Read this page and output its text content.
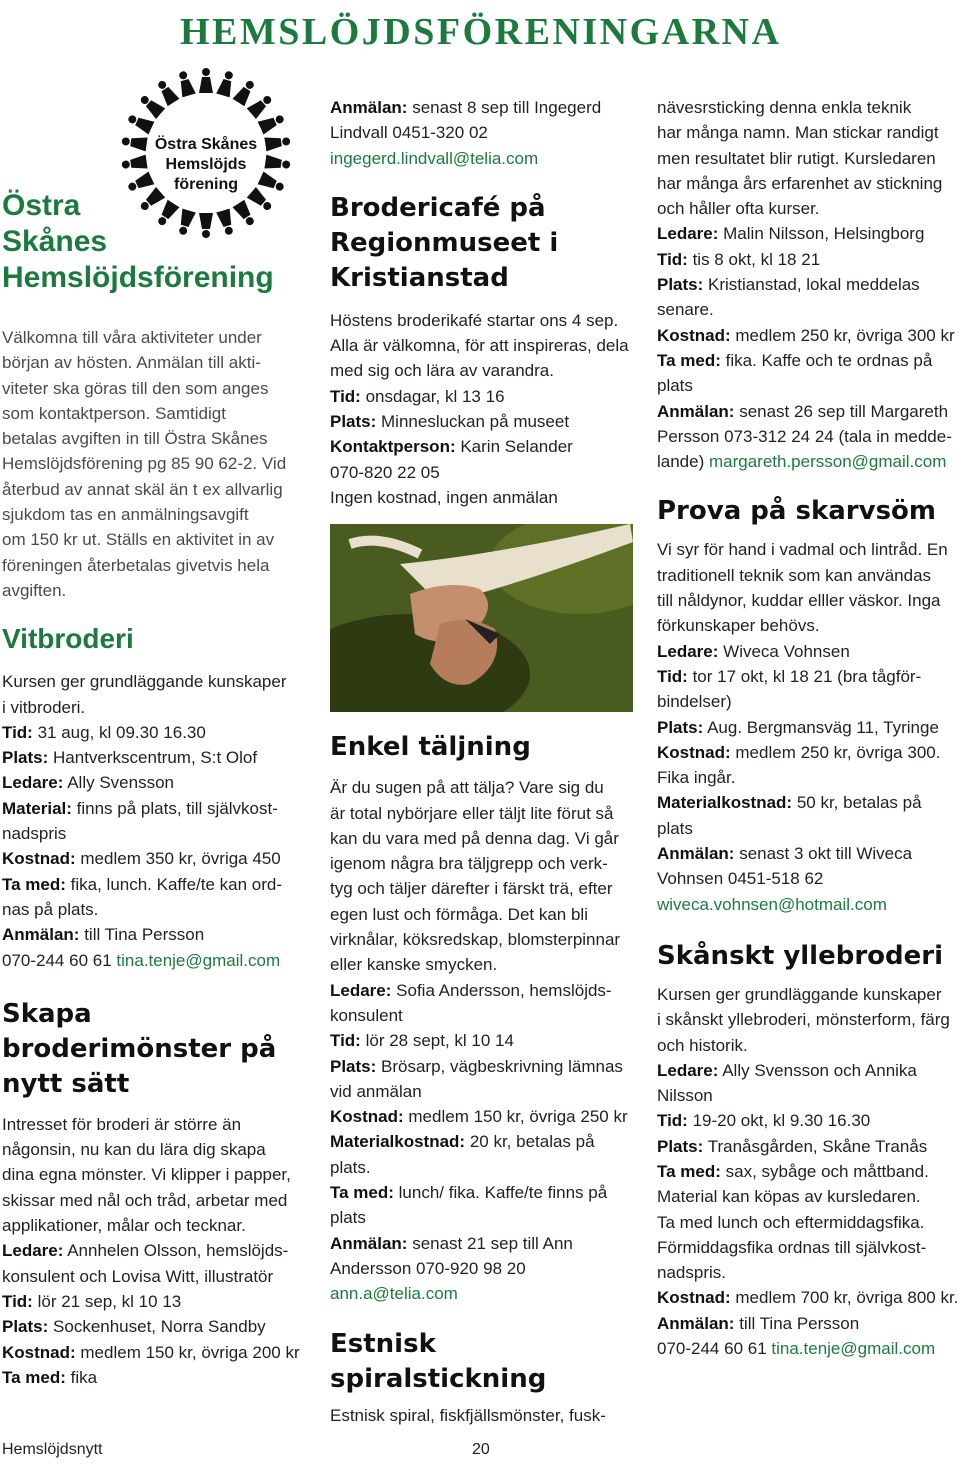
HEMSLÖJDSFÖRENINGARNA
Östra Skånes
Hemslöjds
förening
Östra
Skånes
Hemslöjdsförening

Välkomna till våra aktiviteter under

början av hösten. Anmälan till akti-

viteter ska göras till den som anges

som kontaktperson. Samtidigt

betalas avgiften in till Östra Skånes

Hemslöjdsförening pg 85 90 62-2. Vid

återbud av annat skäl än t ex allvarlig

sjukdom tas en anmälningsavgift

om 150 kr ut. Ställs en aktivitet in av

föreningen återbetalas givetvis hela

avgiften.

Vitbroderi

Kursen ger grundläggande kunskaper

i vitbroderi.

Tid: 31 aug, kl 09.30 16.30

Plats: Hantverkscentrum, S:t Olof

Ledare: Ally Svensson

Material: finns på plats, till självkost-

nadspris

Kostnad: medlem 350 kr, övriga 450

Ta med: fika, lunch. Kaffe/te kan ord-

nas på plats.

Anmälan: till Tina Persson

070-244 60 61 tina.tenje@gmail.com

Skapa
broderimönster på
nytt sätt

Intresset för broderi är större än

någonsin, nu kan du lära dig skapa

dina egna mönster. Vi klipper i papper,

skissar med nål och tråd, arbetar med

applikationer, målar och tecknar.

Ledare: Annhelen Olsson, hemslöjds-

konsulent och Lovisa Witt, illustratör

Tid: lör 21 sep, kl 10 13

Plats: Sockenhuset, Norra Sandby

Kostnad: medlem 150 kr, övriga 200 kr

Ta med: fika

Anmälan: senast 8 sep till Ingegerd

Lindvall 0451-320 02

ingegerd.lindvall@telia.com

Brodericafé på
Regionmuseet i
Kristianstad

Höstens broderikafé startar ons 4 sep.

Alla är välkomna, för att inspireras, dela

med sig och lära av varandra.

Tid: onsdagar, kl 13 16

Plats: Minnesluckan på museet

Kontaktperson: Karin Selander

070-820 22 05

Ingen kostnad, ingen anmälan

Enkel täljning

Är du sugen på att tälja? Vare sig du

är total nybörjare eller täljt lite förut så

kan du vara med på denna dag. Vi går

igenom några bra täljgrepp och verk-

tyg och täljer därefter i färskt trä, efter

egen lust och förmåga. Det kan bli

virknålar, köksredskap, blomsterpinnar

eller kanske smycken.

Ledare: Sofia Andersson, hemslöjds-

konsulent

Tid: lör 28 sept, kl 10 14

Plats: Brösarp, vägbeskrivning lämnas

vid anmälan

Kostnad: medlem 150 kr, övriga 250 kr

Materialkostnad: 20 kr, betalas på

plats.

Ta med: lunch/ fika. Kaffe/te finns på

plats

Anmälan: senast 21 sep till Ann

Andersson 070-920 98 20

ann.a@telia.com

Estnisk
spiralstickning

Estnisk spiral, fiskfjällsmönster, fusk-

nävesrsticking denna enkla teknik

har många namn. Man stickar randigt

men resultatet blir rutigt. Kursledaren

har många års erfarenhet av stickning

och håller ofta kurser.

Ledare: Malin Nilsson, Helsingborg

Tid: tis 8 okt, kl 18 21

Plats: Kristianstad, lokal meddelas

senare.

Kostnad: medlem 250 kr, övriga 300 kr

Ta med: fika. Kaffe och te ordnas på

plats

Anmälan: senast 26 sep till Margareth

Persson 073-312 24 24 (tala in medde-

lande) margareth.persson@gmail.com

Prova på skarvsöm

Vi syr för hand i vadmal och lintråd. En

traditionell teknik som kan användas

till nåldynor, kuddar elller väskor. Inga

förkunskaper behövs.

Ledare: Wiveca Vohnsen

Tid: tor 17 okt, kl 18 21 (bra tågför-

bindelser)

Plats: Aug. Bergmansväg 11, Tyringe

Kostnad: medlem 250 kr, övriga 300.

Fika ingår.

Materialkostnad: 50 kr, betalas på

plats

Anmälan: senast 3 okt till Wiveca

Vohnsen 0451-518 62

wiveca.vohnsen@hotmail.com

Skånskt yllebroderi

Kursen ger grundläggande kunskaper

i skånskt yllebroderi, mönsterform, färg

och historik.

Ledare: Ally Svensson och Annika

Nilsson

Tid: 19-20 okt, kl 9.30 16.30

Plats: Tranåsgården, Skåne Tranås

Ta med: sax, sybåge och måttband.

Material kan köpas av kursledaren.

Ta med lunch och eftermiddagsfika.

Förmiddagsfika ordnas till självkost-

nadspris.

Kostnad: medlem 700 kr, övriga 800 kr.

Anmälan: till Tina Persson

070-244 60 61 tina.tenje@gmail.com

Hemslöjdsnytt	20
